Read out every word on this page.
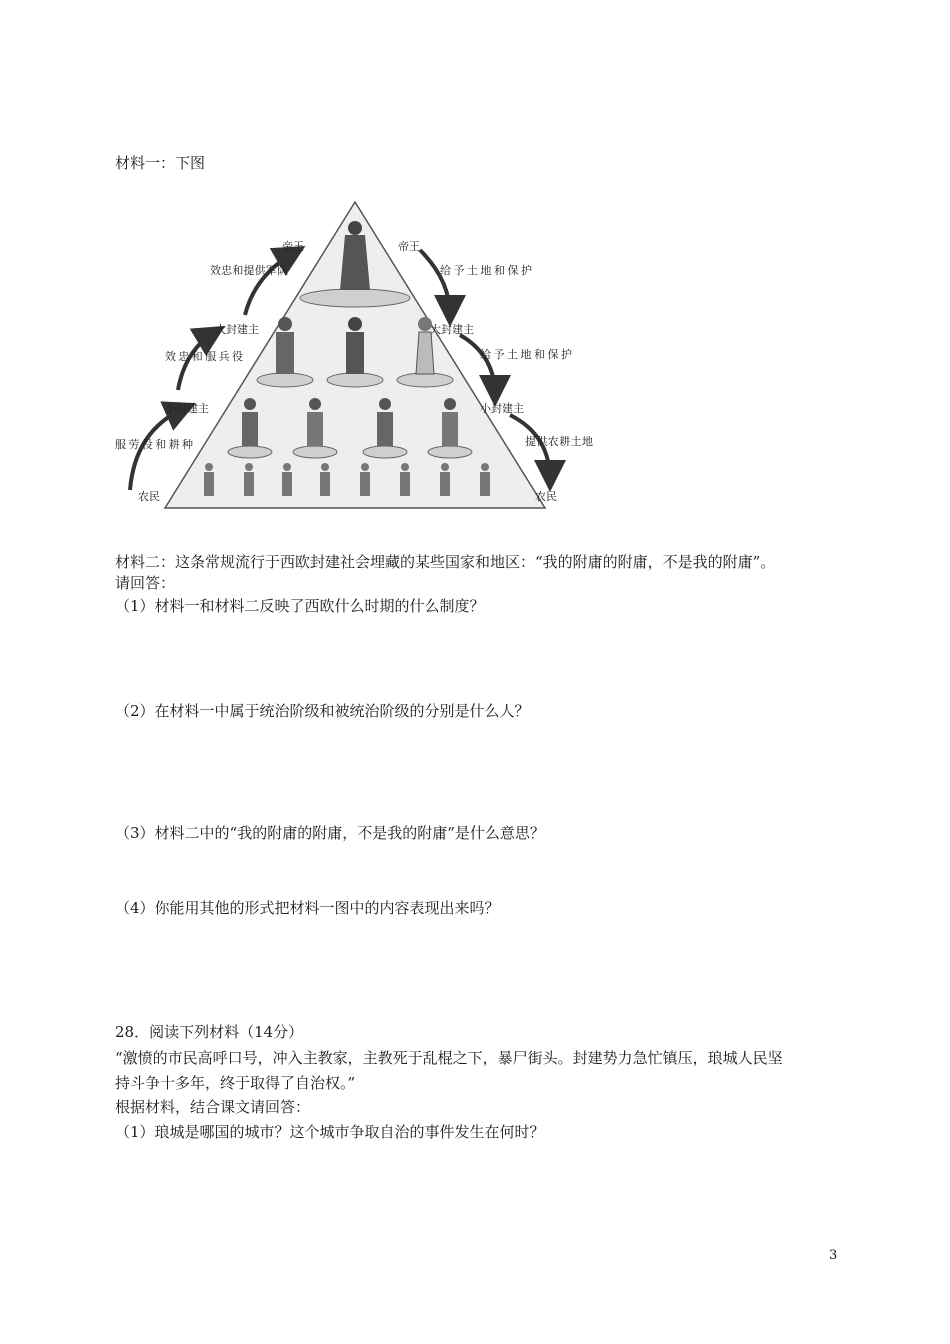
材料一：下图
帝王
大封建主
小封建主
农民
帝王
大封建主
小封建主
农民
效忠和提供军队
效忠和服兵役
服劳役和耕种
给予土地和保护
给予土地和保护
提供农耕土地
材料二：这条常规流行于西欧封建社会埋藏的某些国家和地区：“我的附庸的附庸，不是我的附庸”。
请回答：
（1）材料一和材料二反映了西欧什么时期的什么制度？
（2）在材料一中属于统治阶级和被统治阶级的分别是什么人？
（3）材料二中的“我的附庸的附庸，不是我的附庸”是什么意思？
（4）你能用其他的形式把材料一图中的内容表现出来吗？
28．阅读下列材料（14分）
“激愤的市民高呼口号，冲入主教家，主教死于乱棍之下，暴尸街头。封建势力急忙镇压，琅城人民坚
持斗争十多年，终于取得了自治权。”
根据材料，结合课文请回答：
（1）琅城是哪国的城市？这个城市争取自治的事件发生在何时？
3
